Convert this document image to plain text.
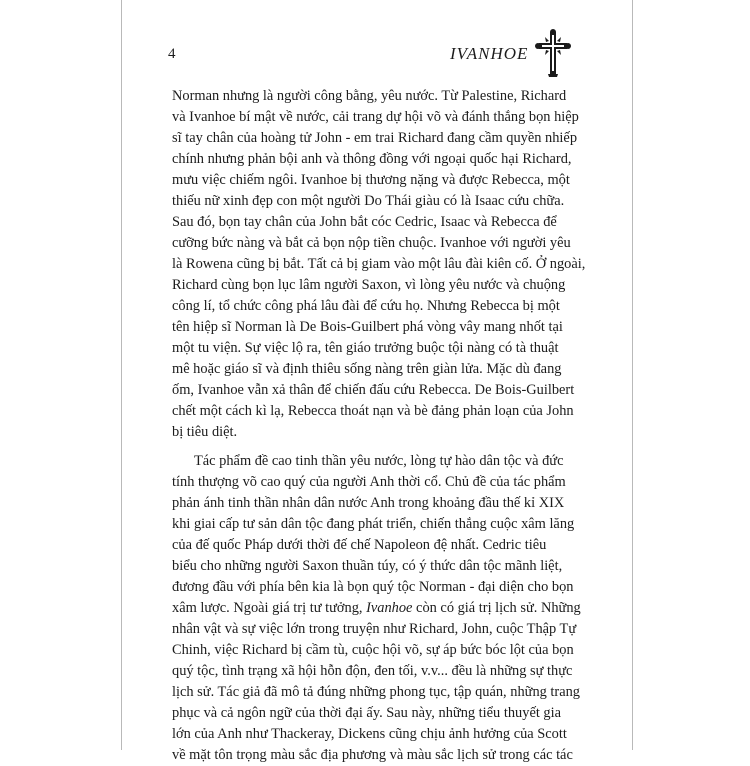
4	IVANHOE
Norman nhưng là người công bằng, yêu nước. Từ Palestine, Richard
và Ivanhoe bí mật về nước, cải trang dự hội võ và đánh thắng bọn hiệp
sĩ tay chân của hoàng tử John - em trai Richard đang cầm quyền nhiếp
chính nhưng phản bội anh và thông đồng với ngoại quốc hại Richard,
mưu việc chiếm ngôi. Ivanhoe bị thương nặng và được Rebecca, một
thiếu nữ xinh đẹp con một người Do Thái giàu có là Isaac cứu chữa.
Sau đó, bọn tay chân của John bắt cóc Cedric, Isaac và Rebecca để
cưỡng bức nàng và bắt cả bọn nộp tiền chuộc. Ivanhoe với người yêu
là Rowena cũng bị bắt. Tất cả bị giam vào một lâu đài kiên cố. Ở ngoài,
Richard cùng bọn lục lâm người Saxon, vì lòng yêu nước và chuộng
công lí, tổ chức công phá lâu đài để cứu họ. Nhưng Rebecca bị một
tên hiệp sĩ Norman là De Bois-Guilbert phá vòng vây mang nhốt tại
một tu viện. Sự việc lộ ra, tên giáo trưởng buộc tội nàng có tà thuật
mê hoặc giáo sĩ và định thiêu sống nàng trên giàn lửa. Mặc dù đang
ốm, Ivanhoe vẫn xả thân để chiến đấu cứu Rebecca. De Bois-Guilbert
chết một cách kì lạ, Rebecca thoát nạn và bè đảng phản loạn của John
bị tiêu diệt.
Tác phẩm đề cao tinh thần yêu nước, lòng tự hào dân tộc và đức
tính thượng võ cao quý của người Anh thời cổ. Chủ đề của tác phẩm
phản ánh tinh thần nhân dân nước Anh trong khoảng đầu thế kỉ XIX
khi giai cấp tư sản dân tộc đang phát triển, chiến thắng cuộc xâm lăng
của đế quốc Pháp dưới thời đế chế Napoleon đệ nhất. Cedric tiêu
biểu cho những người Saxon thuần túy, có ý thức dân tộc mãnh liệt,
đương đầu với phía bên kia là bọn quý tộc Norman - đại diện cho bọn
xâm lược. Ngoài giá trị tư tưởng, Ivanhoe còn có giá trị lịch sử. Những
nhân vật và sự việc lớn trong truyện như Richard, John, cuộc Thập Tự
Chinh, việc Richard bị cầm tù, cuộc hội võ, sự áp bức bóc lột của bọn
quý tộc, tình trạng xã hội hỗn độn, đen tối, v.v... đều là những sự thực
lịch sử. Tác giả đã mô tả đúng những phong tục, tập quán, những trang
phục và cả ngôn ngữ của thời đại ấy. Sau này, những tiểu thuyết gia
lớn của Anh như Thackeray, Dickens cũng chịu ảnh hưởng của Scott
về mặt tôn trọng màu sắc địa phương và màu sắc lịch sử trong các tác
